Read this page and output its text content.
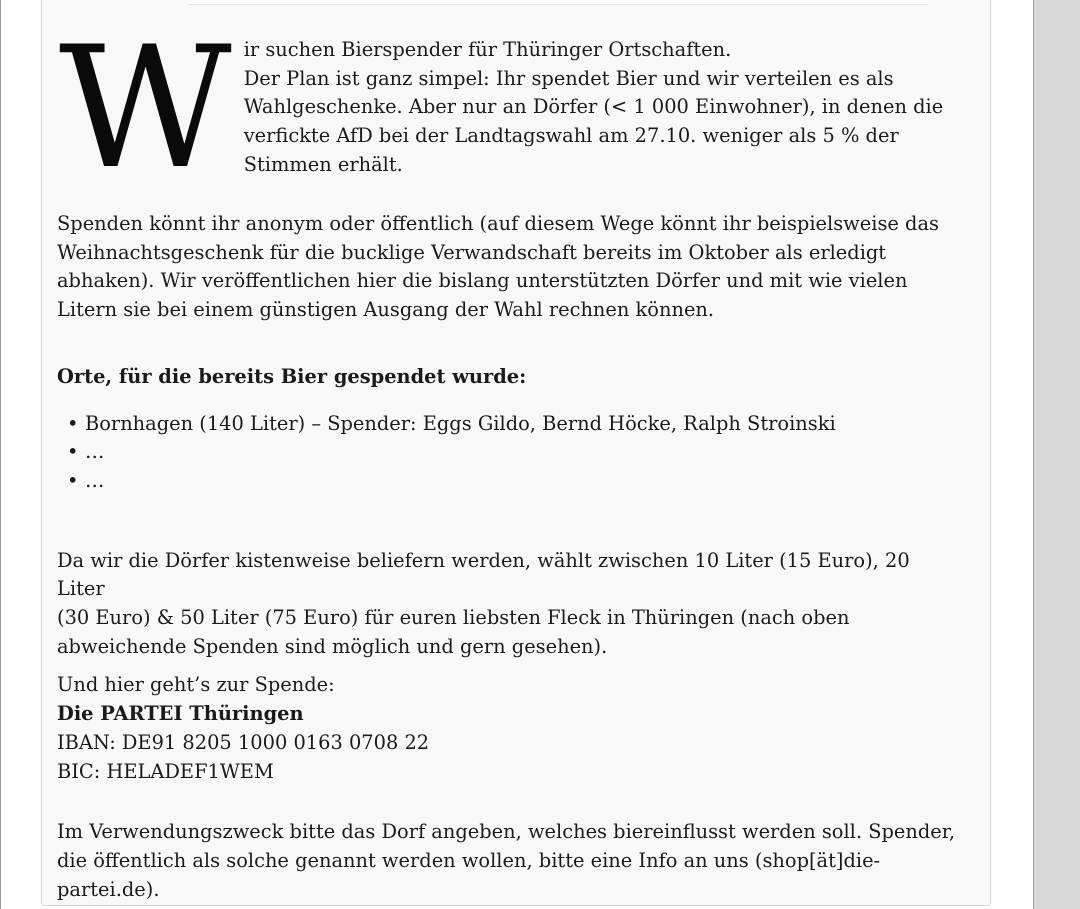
W ir suchen Bierspender für Thüringer Ortschaften.

Der Plan ist ganz simpel: Ihr spendet Bier und wir verteilen es als

Wahlgeschenke. Aber nur an Dörfer (< 1 000 Einwohner), in denen die

verfickte AfD bei der Landtagswahl am 27.10. weniger als 5 % der

Stimmen erhält.

Spenden könnt ihr anonym oder öffentlich (auf diesem Wege könnt ihr beispielsweise das

Weihnachtsgeschenk für die bucklige Verwandschaft bereits im Oktober als erledigt

abhaken). Wir veröffentlichen hier die bislang unterstützten Dörfer und mit wie vielen

Litern sie bei einem günstigen Ausgang der Wahl rechnen können.

Orte, für die bereits Bier gespendet wurde:

• Bornhagen (140 Liter) – Spender: Eggs Gildo, Bernd Höcke, Ralph Stroinski
• …
• …

Da wir die Dörfer kistenweise beliefern werden, wählt zwischen 10 Liter (15 Euro), 20 Liter

(30 Euro) & 50 Liter (75 Euro) für euren liebsten Fleck in Thüringen (nach oben

abweichende Spenden sind möglich und gern gesehen).

Und hier geht’s zur Spende:

Die PARTEI Thüringen

IBAN: DE91 8205 1000 0163 0708 22

BIC: HELADEF1WEM

Im Verwendungszweck bitte das Dorf angeben, welches biereinflusst werden soll. Spender,

die öffentlich als solche genannt werden wollen, bitte eine Info an uns (shop[ät]die-

partei.de).
